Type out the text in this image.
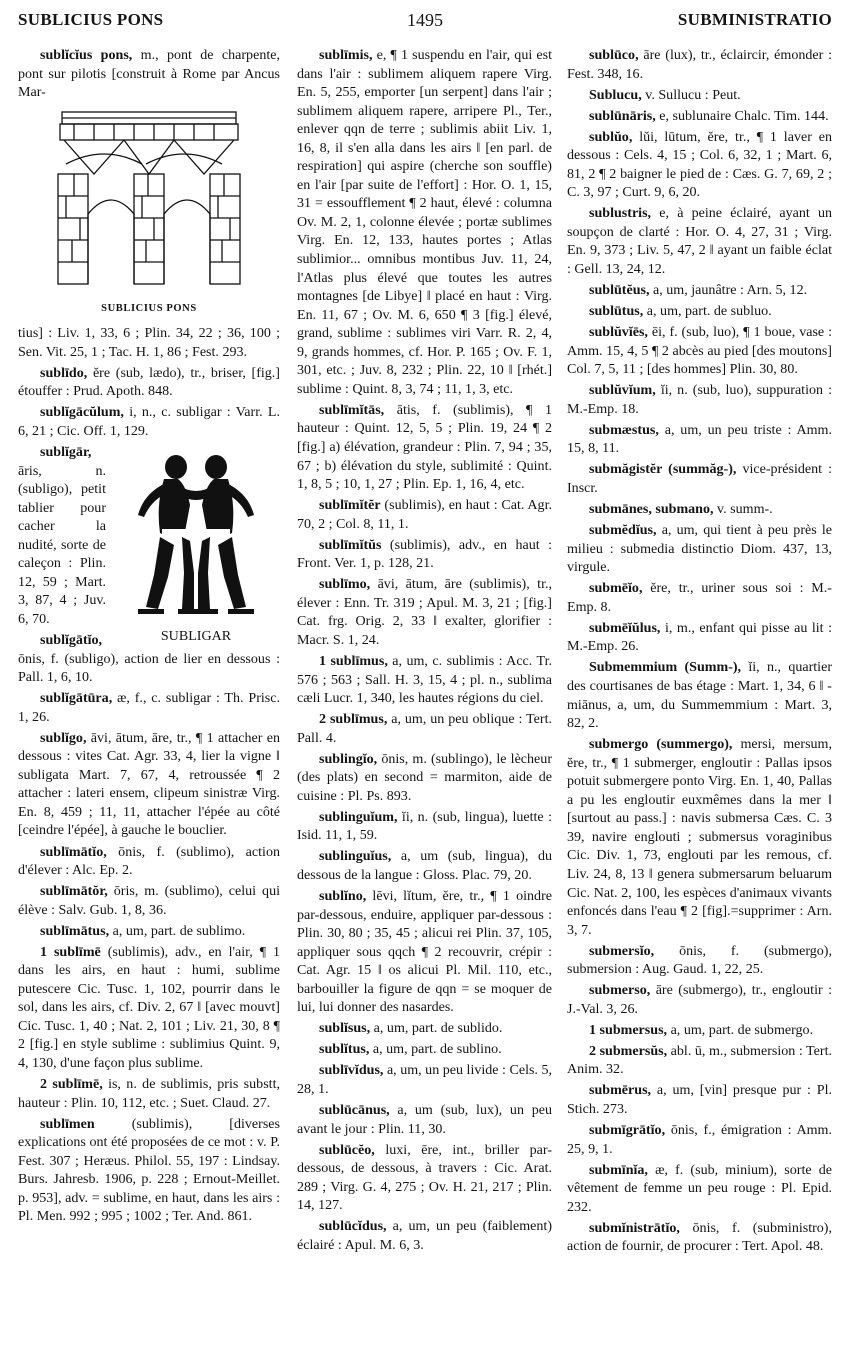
SUBLICIUS PONS	1495	SUBMINISTRATIO

sublĭcĭus pons, m., pont de charpente, pont sur pilotis [construit à Rome par Ancus Mar-

SUBLICIUS PONS

tius] : Liv. 1, 33, 6 ; Plin. 34, 22 ; 36, 100 ; Sen. Vit. 25, 1 ; Tac. H. 1, 86 ; Fest. 293.

sublīdo, ĕre (sub, lædo), tr., briser, [fig.] étouffer : Prud. Apoth. 848.

sublĭgācŭlum, i, n., c. subligar : Varr. L. 6, 21 ; Cic. Off. 1, 129.

SUBLIGAR

sublĭgār, āris, n. (subligo), petit tablier pour cacher la nudité, sorte de caleçon : Plin. 12, 59 ; Mart. 3, 87, 4 ; Juv. 6, 70.

sublĭgātĭo, ōnis, f. (subligo), action de lier en dessous : Pall. 1, 6, 10.

sublĭgātūra, æ, f., c. subligar : Th. Prisc. 1, 26.

sublĭgo, āvi, ātum, āre, tr., ¶ 1 attacher en dessous : vites Cat. Agr. 33, 4, lier la vigne ‖ subligata Mart. 7, 67, 4, retroussée ¶ 2 attacher : lateri ensem, clipeum sinistræ Virg. En. 8, 459 ; 11, 11, attacher l'épée au côté [ceindre l'épée], à gauche le bouclier.

sublīmātĭo, ōnis, f. (sublimo), action d'élever : Alc. Ep. 2.

sublīmātŏr, ōris, m. (sublimo), celui qui élève : Salv. Gub. 1, 8, 36.

sublīmātus, a, um, part. de sublimo.

1 sublīmē (sublimis), adv., en l'air, ¶ 1 dans les airs, en haut : humi, sublime putescere Cic. Tusc. 1, 102, pourrir dans le sol, dans les airs, cf. Div. 2, 67 ‖ [avec mouvt] Cic. Tusc. 1, 40 ; Nat. 2, 101 ; Liv. 21, 30, 8 ¶ 2 [fig.] en style sublime : sublimius Quint. 9, 4, 130, d'une façon plus sublime.

2 sublīmē, is, n. de sublimis, pris substt, hauteur : Plin. 10, 112, etc. ; Suet. Claud. 27.

sublīmen (sublimis), [diverses explications ont été proposées de ce mot : v. P. Fest. 307 ; Heræus. Philol. 55, 197 : Lindsay. Burs. Jahresb. 1906, p. 228 ; Ernout-Meillet. p. 953], adv. = sublime, en haut, dans les airs : Pl. Men. 992 ; 995 ; 1002 ; Ter. And. 861.

sublīmis, e, ¶ 1 suspendu en l'air, qui est dans l'air : sublimem aliquem rapere Virg. En. 5, 255, emporter [un serpent] dans l'air ; sublimem aliquem rapere, arripere Pl., Ter., enlever qqn de terre ; sublimis abiit Liv. 1, 16, 8, il s'en alla dans les airs ‖ [en parl. de respiration] qui aspire (cherche son souffle) en l'air [par suite de l'effort] : Hor. O. 1, 15, 31 = essoufflement ¶ 2 haut, élevé : columna Ov. M. 2, 1, colonne élevée ; portæ sublimes Virg. En. 12, 133, hautes portes ; Atlas sublimior... omnibus montibus Juv. 11, 24, l'Atlas plus élevé que toutes les autres montagnes [de Libye] ‖ placé en haut : Virg. En. 11, 67 ; Ov. M. 6, 650 ¶ 3 [fig.] élevé, grand, sublime : sublimes viri Varr. R. 2, 4, 9, grands hommes, cf. Hor. P. 165 ; Ov. F. 1, 301, etc. ; Juv. 8, 232 ; Plin. 22, 10 ‖ [rhét.] sublime : Quint. 8, 3, 74 ; 11, 1, 3, etc.

sublīmĭtās, ātis, f. (sublimis), ¶ 1 hauteur : Quint. 12, 5, 5 ; Plin. 19, 24 ¶ 2 [fig.] a) élévation, grandeur : Plin. 7, 94 ; 35, 67 ; b) élévation du style, sublimité : Quint. 1, 8, 5 ; 10, 1, 27 ; Plin. Ep. 1, 16, 4, etc.

sublīmĭtĕr (sublimis), en haut : Cat. Agr. 70, 2 ; Col. 8, 11, 1.

sublīmĭtŭs (sublimis), adv., en haut : Front. Ver. 1, p. 128, 21.

sublīmo, āvi, ātum, āre (sublimis), tr., élever : Enn. Tr. 319 ; Apul. M. 3, 21 ; [fig.] Cat. frg. Orig. 2, 33 ‖ exalter, glorifier : Macr. S. 1, 24.

1 sublīmus, a, um, c. sublimis : Acc. Tr. 576 ; 563 ; Sall. H. 3, 15, 4 ; pl. n., sublima cæli Lucr. 1, 340, les hautes régions du ciel.

2 sublīmus, a, um, un peu oblique : Tert. Pall. 4.

sublingĭo, ōnis, m. (sublingo), le lècheur (des plats) en second = marmiton, aide de cuisine : Pl. Ps. 893.

sublinguĭum, ĭi, n. (sub, lingua), luette : Isid. 11, 1, 59.

sublinguĭus, a, um (sub, lingua), du dessous de la langue : Gloss. Plac. 79, 20.

sublĭno, lēvi, lĭtum, ĕre, tr., ¶ 1 oindre par-dessous, enduire, appliquer par-dessous : Plin. 30, 80 ; 35, 45 ; alicui rei Plin. 37, 105, appliquer sous qqch ¶ 2 recouvrir, crépir : Cat. Agr. 15 ‖ os alicui Pl. Mil. 110, etc., barbouiller la figure de qqn = se moquer de lui, lui donner des nasardes.

sublĭsus, a, um, part. de sublido.

sublĭtus, a, um, part. de sublino.

sublīvĭdus, a, um, un peu livide : Cels. 5, 28, 1.

sublūcānus, a, um (sub, lux), un peu avant le jour : Plin. 11, 30.

sublūcĕo, luxi, ēre, int., briller par-dessous, de dessous, à travers : Cic. Arat. 289 ; Virg. G. 4, 275 ; Ov. H. 21, 217 ; Plin. 14, 127.

sublūcĭdus, a, um, un peu (faiblement) éclairé : Apul. M. 6, 3.

sublūco, āre (lux), tr., éclaircir, émonder : Fest. 348, 16.

Sublucu, v. Sullucu : Peut.

sublūnāris, e, sublunaire Chalc. Tim. 144.

sublŭo, lŭi, lūtum, ĕre, tr., ¶ 1 laver en dessous : Cels. 4, 15 ; Col. 6, 32, 1 ; Mart. 6, 81, 2 ¶ 2 baigner le pied de : Cæs. G. 7, 69, 2 ; C. 3, 97 ; Curt. 9, 6, 20.

sublustris, e, à peine éclairé, ayant un soupçon de clarté : Hor. O. 4, 27, 31 ; Virg. En. 9, 373 ; Liv. 5, 47, 2 ‖ ayant un faible éclat : Gell. 13, 24, 12.

sublūtĕus, a, um, jaunâtre : Arn. 5, 12.

sublūtus, a, um, part. de subluo.

sublŭvĭēs, ēi, f. (sub, luo), ¶ 1 boue, vase : Amm. 15, 4, 5 ¶ 2 abcès au pied [des moutons] Col. 7, 5, 11 ; [des hommes] Plin. 30, 80.

sublŭvĭum, ĭi, n. (sub, luo), suppuration : M.-Emp. 18.

submæstus, a, um, un peu triste : Amm. 15, 8, 11.

submăgistĕr (summăg-), vice-président : Inscr.

submānes, submano, v. summ-.

submĕdĭus, a, um, qui tient à peu près le milieu : submedia distinctio Diom. 437, 13, virgule.

submēĭo, ĕre, tr., uriner sous soi : M.-Emp. 8.

submēĭŭlus, i, m., enfant qui pisse au lit : M.-Emp. 26.

Submemmium (Summ-), ĭi, n., quartier des courtisanes de bas étage : Mart. 1, 34, 6 ‖ -miānus, a, um, du Summemmium : Mart. 3, 82, 2.

submergo (summergo), mersi, mersum, ĕre, tr., ¶ 1 submerger, engloutir : Pallas ipsos potuit submergere ponto Virg. En. 1, 40, Pallas a pu les engloutir euxmêmes dans la mer ‖ [surtout au pass.] : navis submersa Cæs. C. 3 39, navire englouti ; submersus voraginibus Cic. Div. 1, 73, englouti par les remous, cf. Liv. 24, 8, 13 ‖ genera submersarum beluarum Cic. Nat. 2, 100, les espèces d'animaux vivants enfoncés dans l'eau ¶ 2 [fig].=supprimer : Arn. 3, 7.

submersĭo, ōnis, f. (submergo), submersion : Aug. Gaud. 1, 22, 25.

submerso, āre (submergo), tr., engloutir : J.-Val. 3, 26.

1 submersus, a, um, part. de submergo.

2 submersŭs, abl. ū, m., submersion : Tert. Anim. 32.

submērus, a, um, [vin] presque pur : Pl. Stich. 273.

submīgrātĭo, ōnis, f., émigration : Amm. 25, 9, 1.

submīnĭa, æ, f. (sub, minium), sorte de vêtement de femme un peu rouge : Pl. Epid. 232.

submĭnistrātĭo, ōnis, f. (subministro), action de fournir, de procurer : Tert. Apol. 48.
